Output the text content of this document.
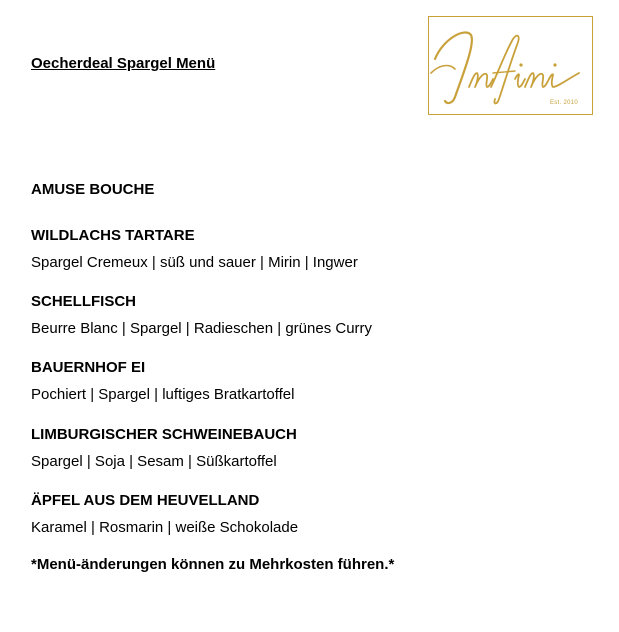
Oecherdeal Spargel Menü
Est. 2010
AMUSE BOUCHE
WILDLACHS TARTARE
Spargel Cremeux | süß und sauer | Mirin | Ingwer
SCHELLFISCH
Beurre Blanc | Spargel | Radieschen | grünes Curry
BAUERNHOF EI
Pochiert | Spargel | luftiges Bratkartoffel
LIMBURGISCHER SCHWEINEBAUCH
Spargel | Soja | Sesam | Süßkartoffel
ÄPFEL AUS DEM HEUVELLAND
Karamel | Rosmarin | weiße Schokolade
*Menü-änderungen können zu Mehrkosten führen.*
